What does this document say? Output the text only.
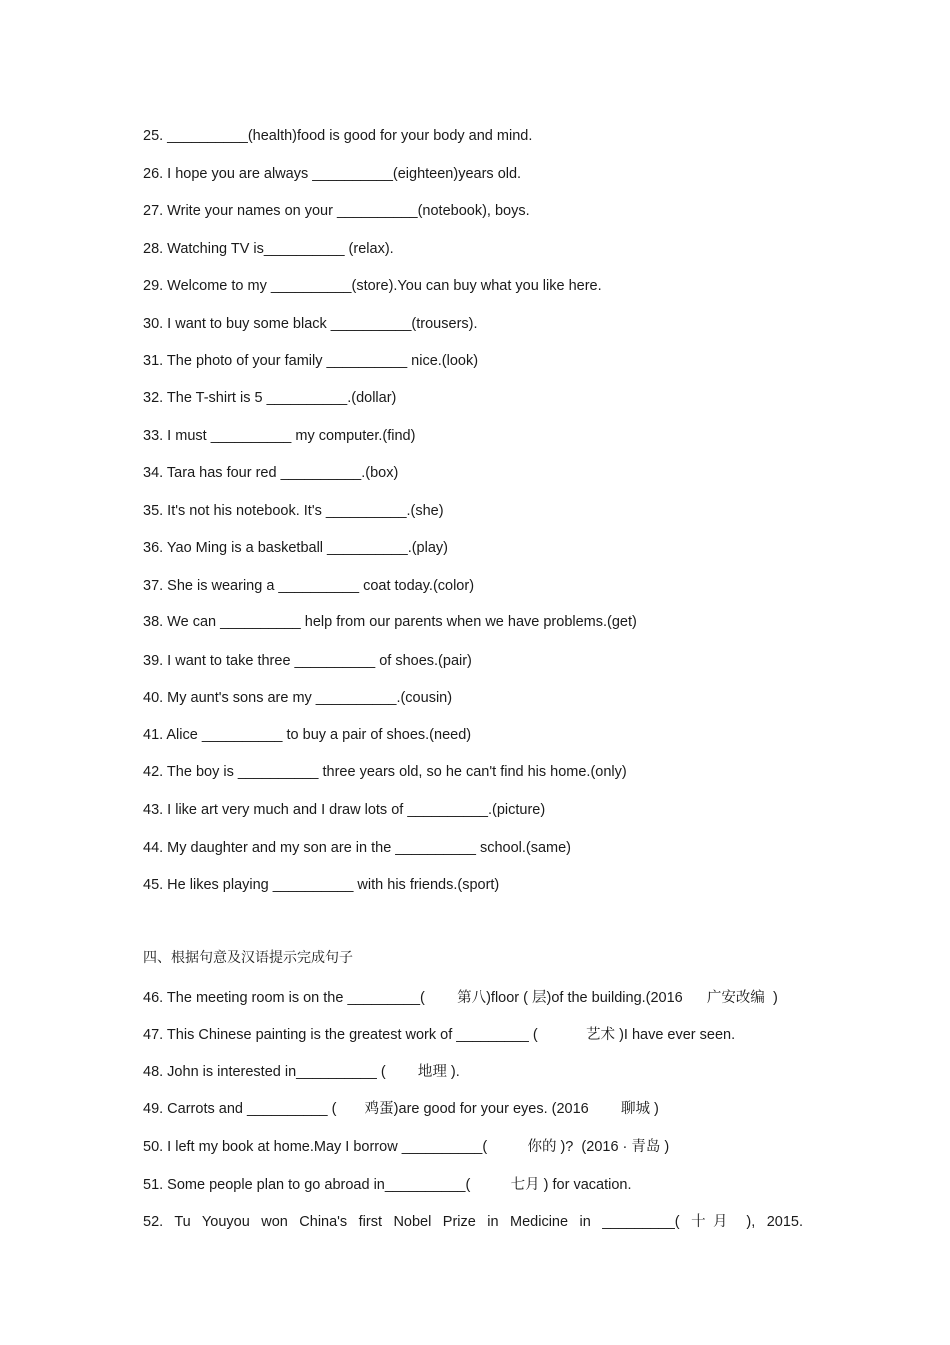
25. __________(health)food is good for your body and mind.
26. I hope you are always __________(eighteen)years old.
27. Write your names on your __________(notebook), boys.
28. Watching TV is__________ (relax).
29. Welcome to my __________(store).You can buy what you like here.
30. I want to buy some black __________(trousers).
31. The photo of your family __________ nice.(look)
32. The T-shirt is 5 __________.(dollar)
33. I must __________ my computer.(find)
34. Tara has four red __________.(box)
35. It's not his notebook. It's __________.(she)
36. Yao Ming is a basketball __________.(play)
37. She is wearing a __________ coat today.(color)
38. We can __________ help from our parents when we have problems.(get)
39. I want to take three __________ of shoes.(pair)
40. My aunt's sons are my __________.(cousin)
41. Alice __________ to buy a pair of shoes.(need)
42. The boy is __________ three years old, so he can't find his home.(only)
43. I like art very much and I draw lots of __________.(picture)
44. My daughter and my son are in the __________ school.(same)
45. He likes playing __________ with his friends.(sport)
四、根据句意及汉语提示完成句子
46. The meeting room is on the _________(        第八)floor ( 层)of the building.(2016      广安改编  )
47. This Chinese painting is the greatest work of _________ (            艺术 )I have ever seen.
48. John is interested in__________ (        地理 ).
49. Carrots and __________ (       鸡蛋)are good for your eyes. (2016        聊城 )
50. I left my book at home.May I borrow __________(          你的 )?  (2016 · 青岛 )
51. Some people plan to go abroad in__________(          七月 ) for vacation.
52. Tu Youyou won China's first Nobel Prize in Medicine in _________( 十月 ), 2015.
